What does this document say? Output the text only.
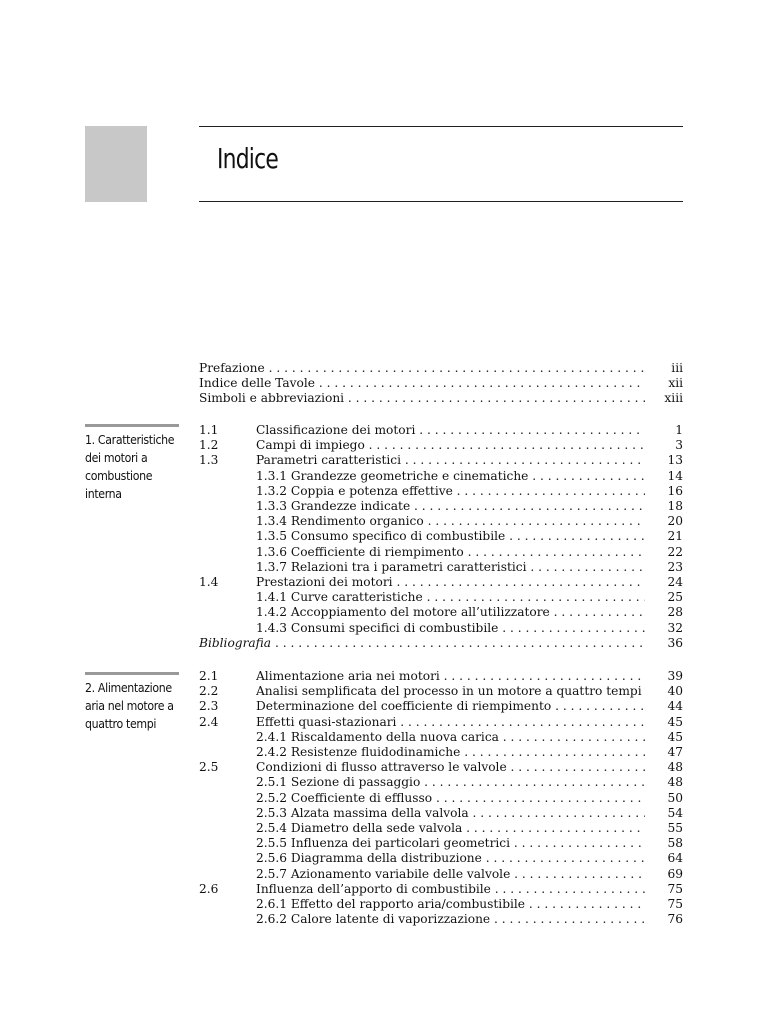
Indice
Prefazione . . .	iii
Indice delle Tavole . . .	xii
Simboli e abbreviazioni . . .	xiii
1. Caratteristiche dei motori a combustione interna
1.1	Classificazione dei motori . . .	1
1.2	Campi di impiego . . .	3
1.3	Parametri caratteristici . . .	13
1.3.1 Grandezze geometriche e cinematiche . . .	14
1.3.2 Coppia e potenza effettive . . .	16
1.3.3 Grandezze indicate . . .	18
1.3.4 Rendimento organico . . .	20
1.3.5 Consumo specifico di combustibile . . .	21
1.3.6 Coefficiente di riempimento . . .	22
1.3.7 Relazioni tra i parametri caratteristici . . .	23
1.4	Prestazioni dei motori . . .	24
1.4.1 Curve caratteristiche . . .	25
1.4.2 Accoppiamento del motore all’utilizzatore . . .	28
1.4.3 Consumi specifici di combustibile . . .	32
Bibliografia . . .	36
2. Alimentazione aria nel motore a quattro tempi
2.1	Alimentazione aria nei motori . . .	39
2.2	Analisi semplificata del processo in un motore a quattro tempi 40
2.3	Determinazione del coefficiente di riempimento . . .	44
2.4	Effetti quasi-stazionari . . .	45
2.4.1 Riscaldamento della nuova carica . . .	45
2.4.2 Resistenze fluidodinamiche . . .	47
2.5	Condizioni di flusso attraverso le valvole . . .	48
2.5.1 Sezione di passaggio . . .	48
2.5.2 Coefficiente di efflusso . . .	50
2.5.3 Alzata massima della valvola . . .	54
2.5.4 Diametro della sede valvola . . .	55
2.5.5 Influenza dei particolari geometrici . . .	58
2.5.6 Diagramma della distribuzione . . .	64
2.5.7 Azionamento variabile delle valvole . . .	69
2.6	Influenza dell’apporto di combustibile . . .	75
2.6.1 Effetto del rapporto aria/combustibile . . .	75
2.6.2 Calore latente di vaporizzazione . . .	76
